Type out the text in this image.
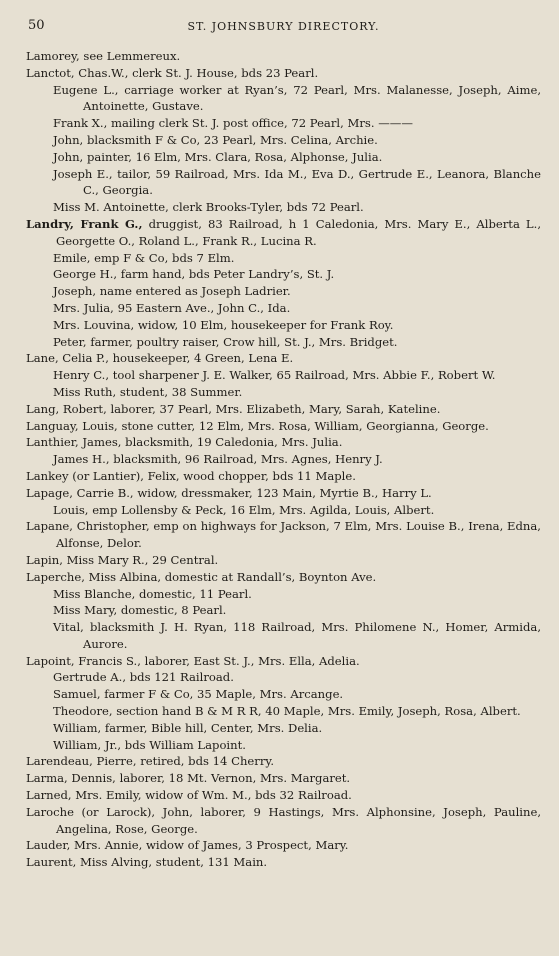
50	ST. JOHNSBURY DIRECTORY.
Lamorey, see Lemmereux.
Lanctot, Chas.W., clerk St. J. House, bds 23 Pearl.
Eugene L., carriage worker at Ryan’s, 72 Pearl, Mrs. Malanesse, Joseph, Aime, Antoinette, Gustave.
Frank X., mailing clerk St. J. post office, 72 Pearl, Mrs. ———
John, blacksmith F & Co, 23 Pearl, Mrs. Celina, Archie.
John, painter, 16 Elm, Mrs. Clara, Rosa, Alphonse, Julia.
Joseph E., tailor, 59 Railroad, Mrs. Ida M., Eva D., Gertrude E., Leanora, Blanche C., Georgia.
Miss M. Antoinette, clerk Brooks-Tyler, bds 72 Pearl.
Landry, Frank G., druggist, 83 Railroad, h 1 Caledonia, Mrs. Mary E., Alberta L., Georgette O., Roland L., Frank R., Lucina R.
Emile, emp F & Co, bds 7 Elm.
George H., farm hand, bds Peter Landry’s, St. J.
Joseph, name entered as Joseph Ladrier.
Mrs. Julia, 95 Eastern Ave., John C., Ida.
Mrs. Louvina, widow, 10 Elm, housekeeper for Frank Roy.
Peter, farmer, poultry raiser, Crow hill, St. J., Mrs. Bridget.
Lane, Celia P., housekeeper, 4 Green, Lena E.
Henry C., tool sharpener J. E. Walker, 65 Railroad, Mrs. Abbie F., Robert W.
Miss Ruth, student, 38 Summer.
Lang, Robert, laborer, 37 Pearl, Mrs. Elizabeth, Mary, Sarah, Kateline.
Languay, Louis, stone cutter, 12 Elm, Mrs. Rosa, William, Georgianna, George.
Lanthier, James, blacksmith, 19 Caledonia, Mrs. Julia.
James H., blacksmith, 96 Railroad, Mrs. Agnes, Henry J.
Lankey (or Lantier), Felix, wood chopper, bds 11 Maple.
Lapage, Carrie B., widow, dressmaker, 123 Main, Myrtie B., Harry L.
Louis, emp Lollensby & Peck, 16 Elm, Mrs. Agilda, Louis, Albert.
Lapane, Christopher, emp on highways for Jackson, 7 Elm, Mrs. Louise B., Irena, Edna, Alfonse, Delor.
Lapin, Miss Mary R., 29 Central.
Laperche, Miss Albina, domestic at Randall’s, Boynton Ave.
Miss Blanche, domestic, 11 Pearl.
Miss Mary, domestic, 8 Pearl.
Vital, blacksmith J. H. Ryan, 118 Railroad, Mrs. Philomene N., Homer, Armida, Aurore.
Lapoint, Francis S., laborer, East St. J., Mrs. Ella, Adelia.
Gertrude A., bds 121 Railroad.
Samuel, farmer F & Co, 35 Maple, Mrs. Arcange.
Theodore, section hand B & M R R, 40 Maple, Mrs. Emily, Joseph, Rosa, Albert.
William, farmer, Bible hill, Center, Mrs. Delia.
William, Jr., bds William Lapoint.
Larendeau, Pierre, retired, bds 14 Cherry.
Larma, Dennis, laborer, 18 Mt. Vernon, Mrs. Margaret.
Larned, Mrs. Emily, widow of Wm. M., bds 32 Railroad.
Laroche (or Larock), John, laborer, 9 Hastings, Mrs. Alphonsine, Joseph, Pauline, Angelina, Rose, George.
Lauder, Mrs. Annie, widow of James, 3 Prospect, Mary.
Laurent, Miss Alving, student, 131 Main.
